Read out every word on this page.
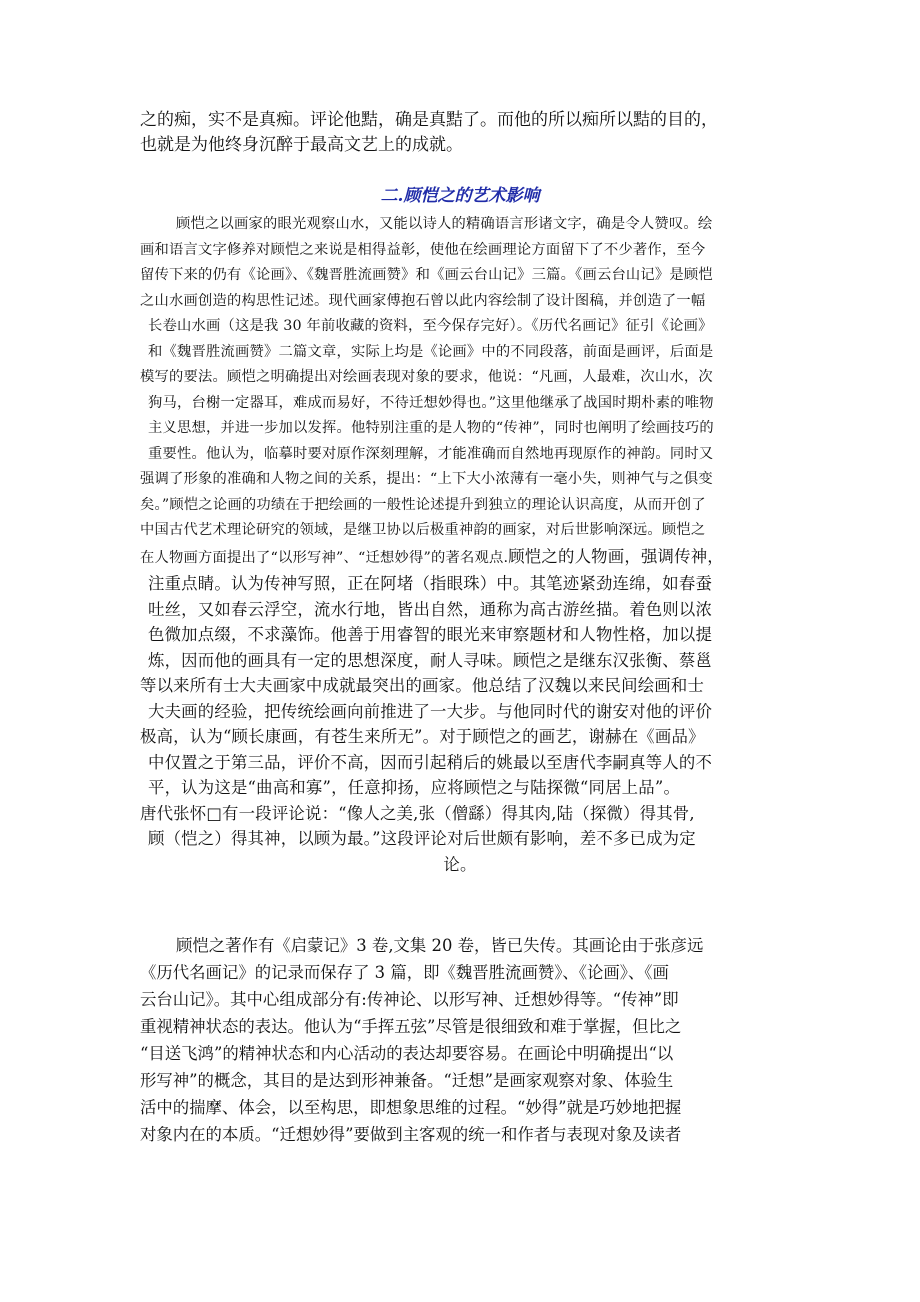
之的痴，实不是真痴。评论他黠，确是真黠了。而他的所以痴所以黠的目的，
也就是为他终身沉醉于最高文艺上的成就。
二.顾恺之的艺术影响
顾恺之以画家的眼光观察山水，又能以诗人的精确语言形诸文字，确是令人赞叹。绘
画和语言文字修养对顾恺之来说是相得益彰，使他在绘画理论方面留下了不少著作，至今
留传下来的仍有《论画》、《魏晋胜流画赞》和《画云台山记》三篇。《画云台山记》是顾恺
之山水画创造的构思性记述。现代画家傅抱石曾以此内容绘制了设计图稿，并创造了一幅
长卷山水画（这是我 30 年前收藏的资料，至今保存完好）。《历代名画记》征引《论画》
和《魏晋胜流画赞》二篇文章，实际上均是《论画》中的不同段落，前面是画评，后面是
模写的要法。顾恺之明确提出对绘画表现对象的要求，他说：“凡画，人最难，次山水，次
狗马，台榭一定器耳，难成而易好，不待迁想妙得也。”这里他继承了战国时期朴素的唯物
主义思想，并进一步加以发挥。他特别注重的是人物的“传神”，同时也阐明了绘画技巧的
重要性。他认为，临摹时要对原作深刻理解，才能准确而自然地再现原作的神韵。同时又
强调了形象的准确和人物之间的关系，提出：“上下大小浓薄有一毫小失，则神气与之俱变
矣。”顾恺之论画的功绩在于把绘画的一般性论述提升到独立的理论认识高度，从而开创了
中国古代艺术理论研究的领域，是继卫协以后极重神韵的画家，对后世影响深远。顾恺之
在人物画方面提出了“以形写神”、“迁想妙得”的著名观点.顾恺之的人物画，强调传神，
注重点睛。认为传神写照，正在阿堵（指眼珠）中。其笔迹紧劲连绵，如春蚕
吐丝，又如春云浮空，流水行地，皆出自然，通称为高古游丝描。着色则以浓
色微加点缀，不求藻饰。他善于用睿智的眼光来审察题材和人物性格，加以提
炼，因而他的画具有一定的思想深度，耐人寻味。顾恺之是继东汉张衡、蔡邕
等以来所有士大夫画家中成就最突出的画家。他总结了汉魏以来民间绘画和士
大夫画的经验，把传统绘画向前推进了一大步。与他同时代的谢安对他的评价
极高，认为“顾长康画，有苍生来所无”。对于顾恺之的画艺，谢赫在《画品》
中仅置之于第三品，评价不高，因而引起稍后的姚最以至唐代李嗣真等人的不
平，认为这是“曲高和寡”，任意抑扬，应将顾恺之与陆探微“同居上品”。
唐代张怀□有一段评论说：“像人之美,张（僧繇）得其肉,陆（探微）得其骨,
顾（恺之）得其神，以顾为最。”这段评论对后世颇有影响，差不多已成为定
论。
顾恺之著作有《启蒙记》3 卷,文集 20 卷，皆已失传。其画论由于张彦远
《历代名画记》的记录而保存了 3 篇，即《魏晋胜流画赞》、《论画》、《画
云台山记》。其中心组成部分有:传神论、以形写神、迁想妙得等。“传神”即
重视精神状态的表达。他认为“手挥五弦”尽管是很细致和难于掌握，但比之
“目送飞鸿”的精神状态和内心活动的表达却要容易。在画论中明确提出“以
形写神”的概念，其目的是达到形神兼备。“迁想”是画家观察对象、体验生
活中的揣摩、体会，以至构思，即想象思维的过程。“妙得”就是巧妙地把握
对象内在的本质。“迁想妙得”要做到主客观的统一和作者与表现对象及读者
